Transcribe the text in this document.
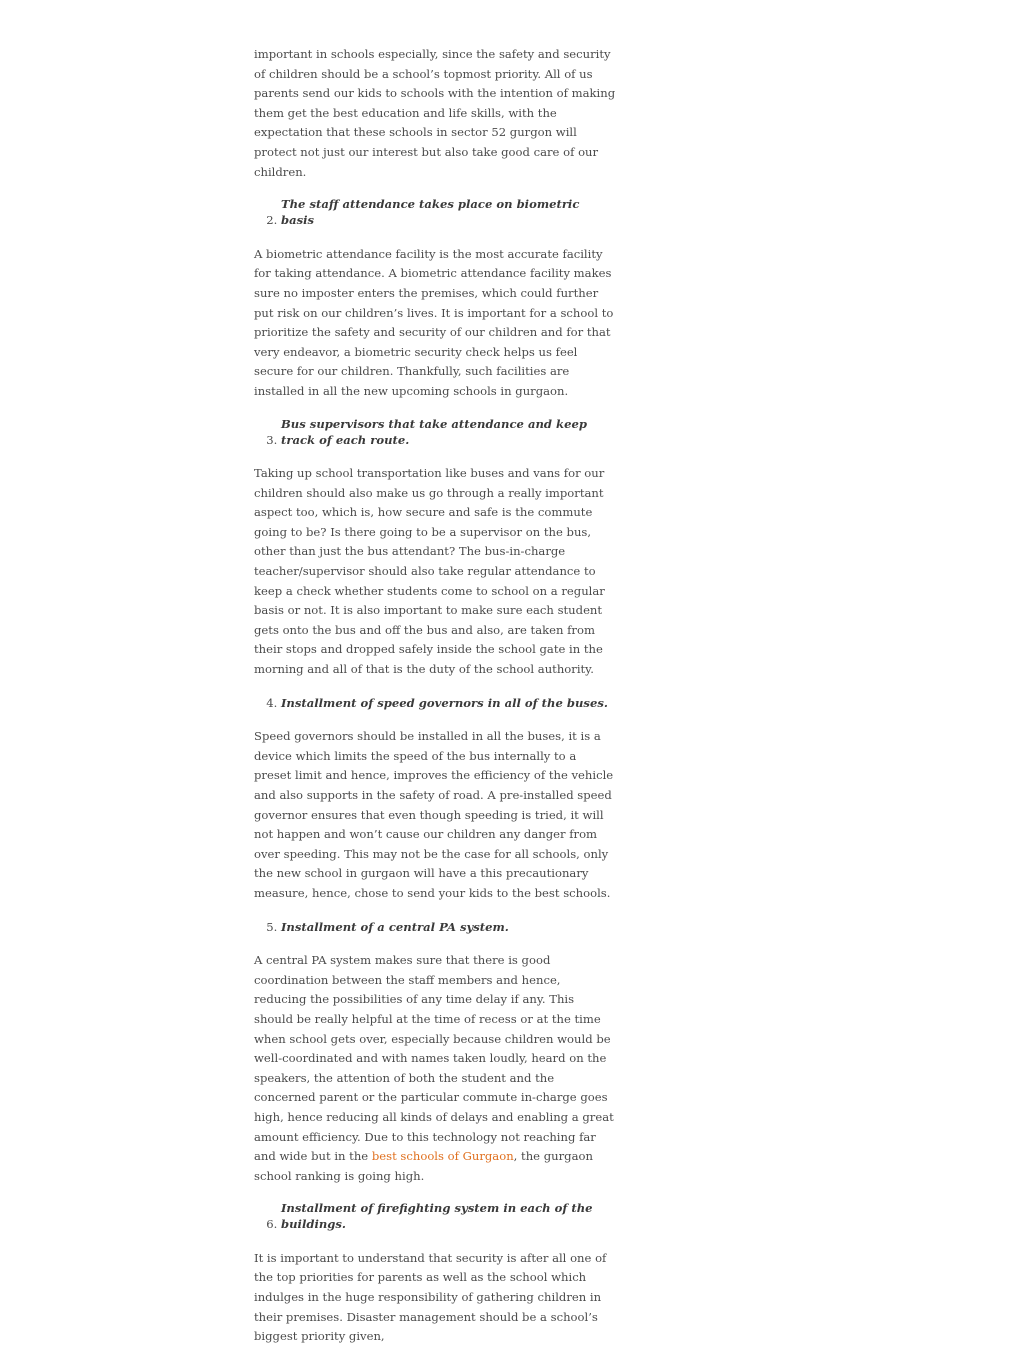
important in schools especially, since the safety and security of children should be a school’s topmost priority. All of us parents send our kids to schools with the intention of making them get the best education and life skills, with the expectation that these schools in sector 52 gurgon will protect not just our interest but also take good care of our children.

2. The staff attendance takes place on biometric basis

A biometric attendance facility is the most accurate facility for taking attendance. A biometric attendance facility makes sure no imposter enters the premises, which could further put risk on our children’s lives. It is important for a school to prioritize the safety and security of our children and for that very endeavor, a biometric security check helps us feel secure for our children. Thankfully, such facilities are installed in all the new upcoming schools in gurgaon.

3. Bus supervisors that take attendance and keep track of each route.

Taking up school transportation like buses and vans for our children should also make us go through a really important aspect too, which is, how secure and safe is the commute going to be? Is there going to be a supervisor on the bus, other than just the bus attendant? The bus-in-charge teacher/supervisor should also take regular attendance to keep a check whether students come to school on a regular basis or not. It is also important to make sure each student gets onto the bus and off the bus and also, are taken from their stops and dropped safely inside the school gate in the morning and all of that is the duty of the school authority.

4. Installment of speed governors in all of the buses.

Speed governors should be installed in all the buses, it is a device which limits the speed of the bus internally to a preset limit and hence, improves the efficiency of the vehicle and also supports in the safety of road. A pre-installed speed governor ensures that even though speeding is tried, it will not happen and won’t cause our children any danger from over speeding. This may not be the case for all schools, only the new school in gurgaon will have a this precautionary measure, hence, chose to send your kids to the best schools.

5. Installment of a central PA system.

A central PA system makes sure that there is good coordination between the staff members and hence, reducing the possibilities of any time delay if any. This should be really helpful at the time of recess or at the time when school gets over, especially because children would be well-coordinated and with names taken loudly, heard on the speakers, the attention of both the student and the concerned parent or the particular commute in-charge goes high, hence reducing all kinds of delays and enabling a great amount efficiency. Due to this technology not reaching far and wide but in the best schools of Gurgaon, the gurgaon school ranking is going high.

6. Installment of firefighting system in each of the buildings.

It is important to understand that security is after all one of the top priorities for parents as well as the school which indulges in the huge responsibility of gathering children in their premises. Disaster management should be a school’s biggest priority given,
